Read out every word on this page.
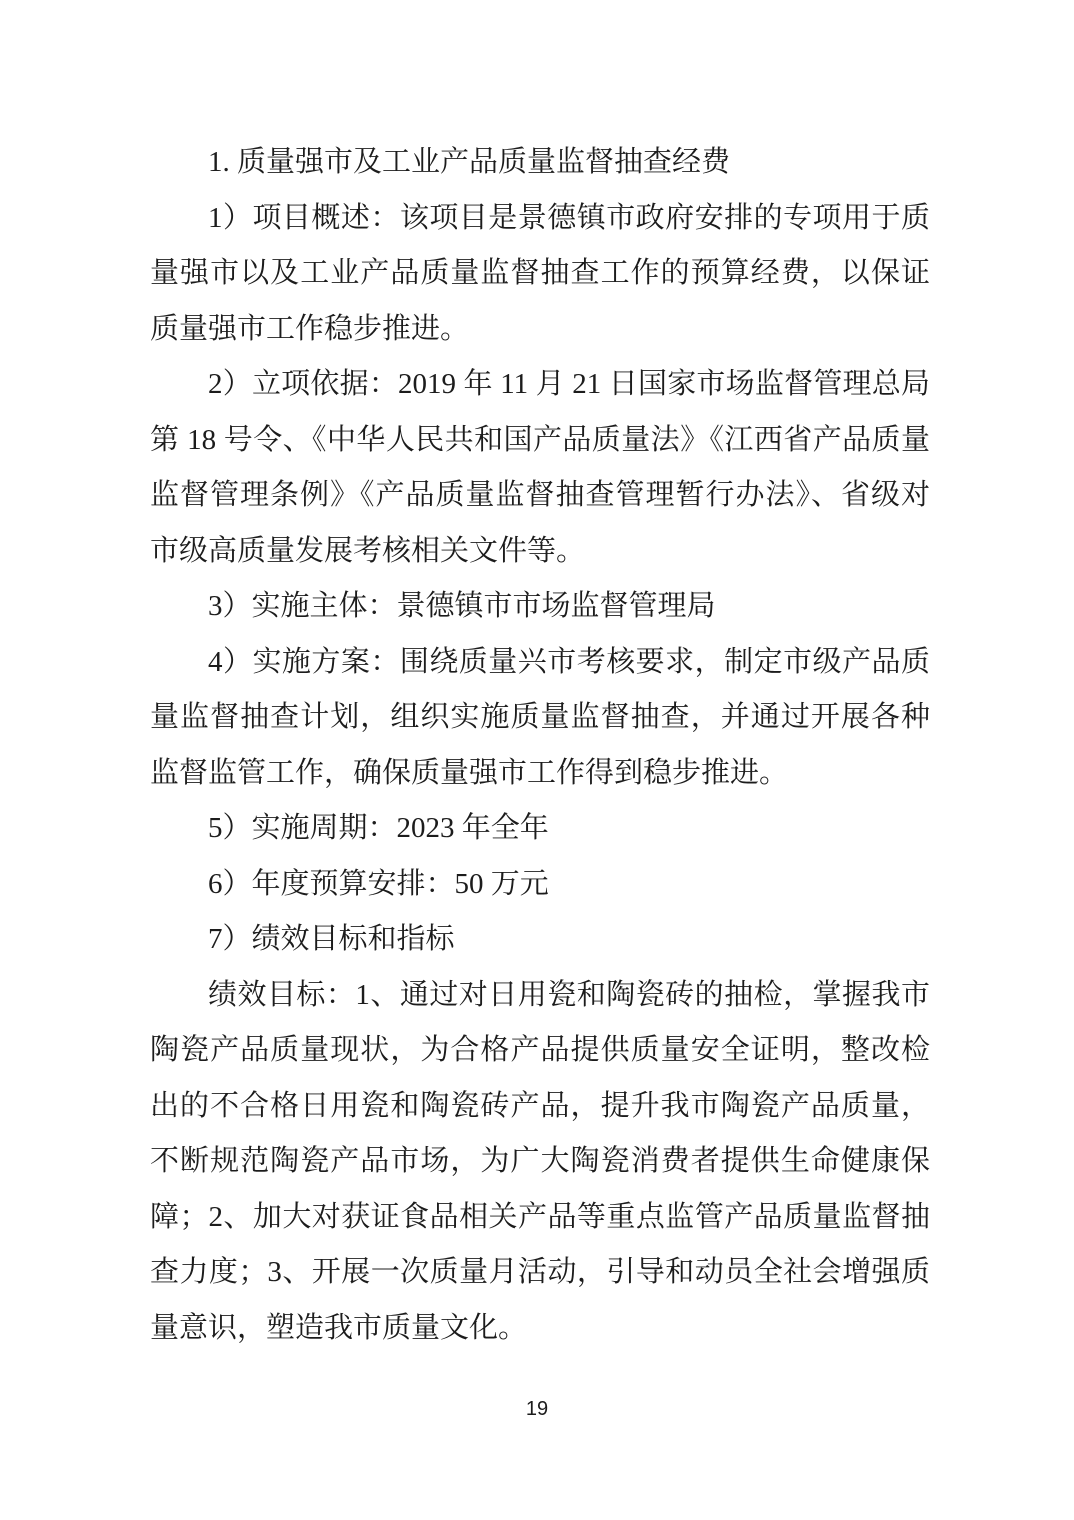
1. 质量强市及工业产品质量监督抽查经费

1）项目概述：该项目是景德镇市政府安排的专项用于质量强市以及工业产品质量监督抽查工作的预算经费，以保证质量强市工作稳步推进。

2）立项依据：2019 年 11 月 21 日国家市场监督管理总局第 18 号令、《中华人民共和国产品质量法》《江西省产品质量监督管理条例》《产品质量监督抽查管理暂行办法》、省级对市级高质量发展考核相关文件等。

3）实施主体：景德镇市市场监督管理局

4）实施方案：围绕质量兴市考核要求，制定市级产品质量监督抽查计划，组织实施质量监督抽查，并通过开展各种监督监管工作，确保质量强市工作得到稳步推进。

5）实施周期：2023 年全年

6）年度预算安排：50 万元

7）绩效目标和指标

绩效目标：1、通过对日用瓷和陶瓷砖的抽检，掌握我市陶瓷产品质量现状，为合格产品提供质量安全证明，整改检出的不合格日用瓷和陶瓷砖产品，提升我市陶瓷产品质量，不断规范陶瓷产品市场，为广大陶瓷消费者提供生命健康保障；2、加大对获证食品相关产品等重点监管产品质量监督抽查力度；3、开展一次质量月活动，引导和动员全社会增强质量意识，塑造我市质量文化。

19
